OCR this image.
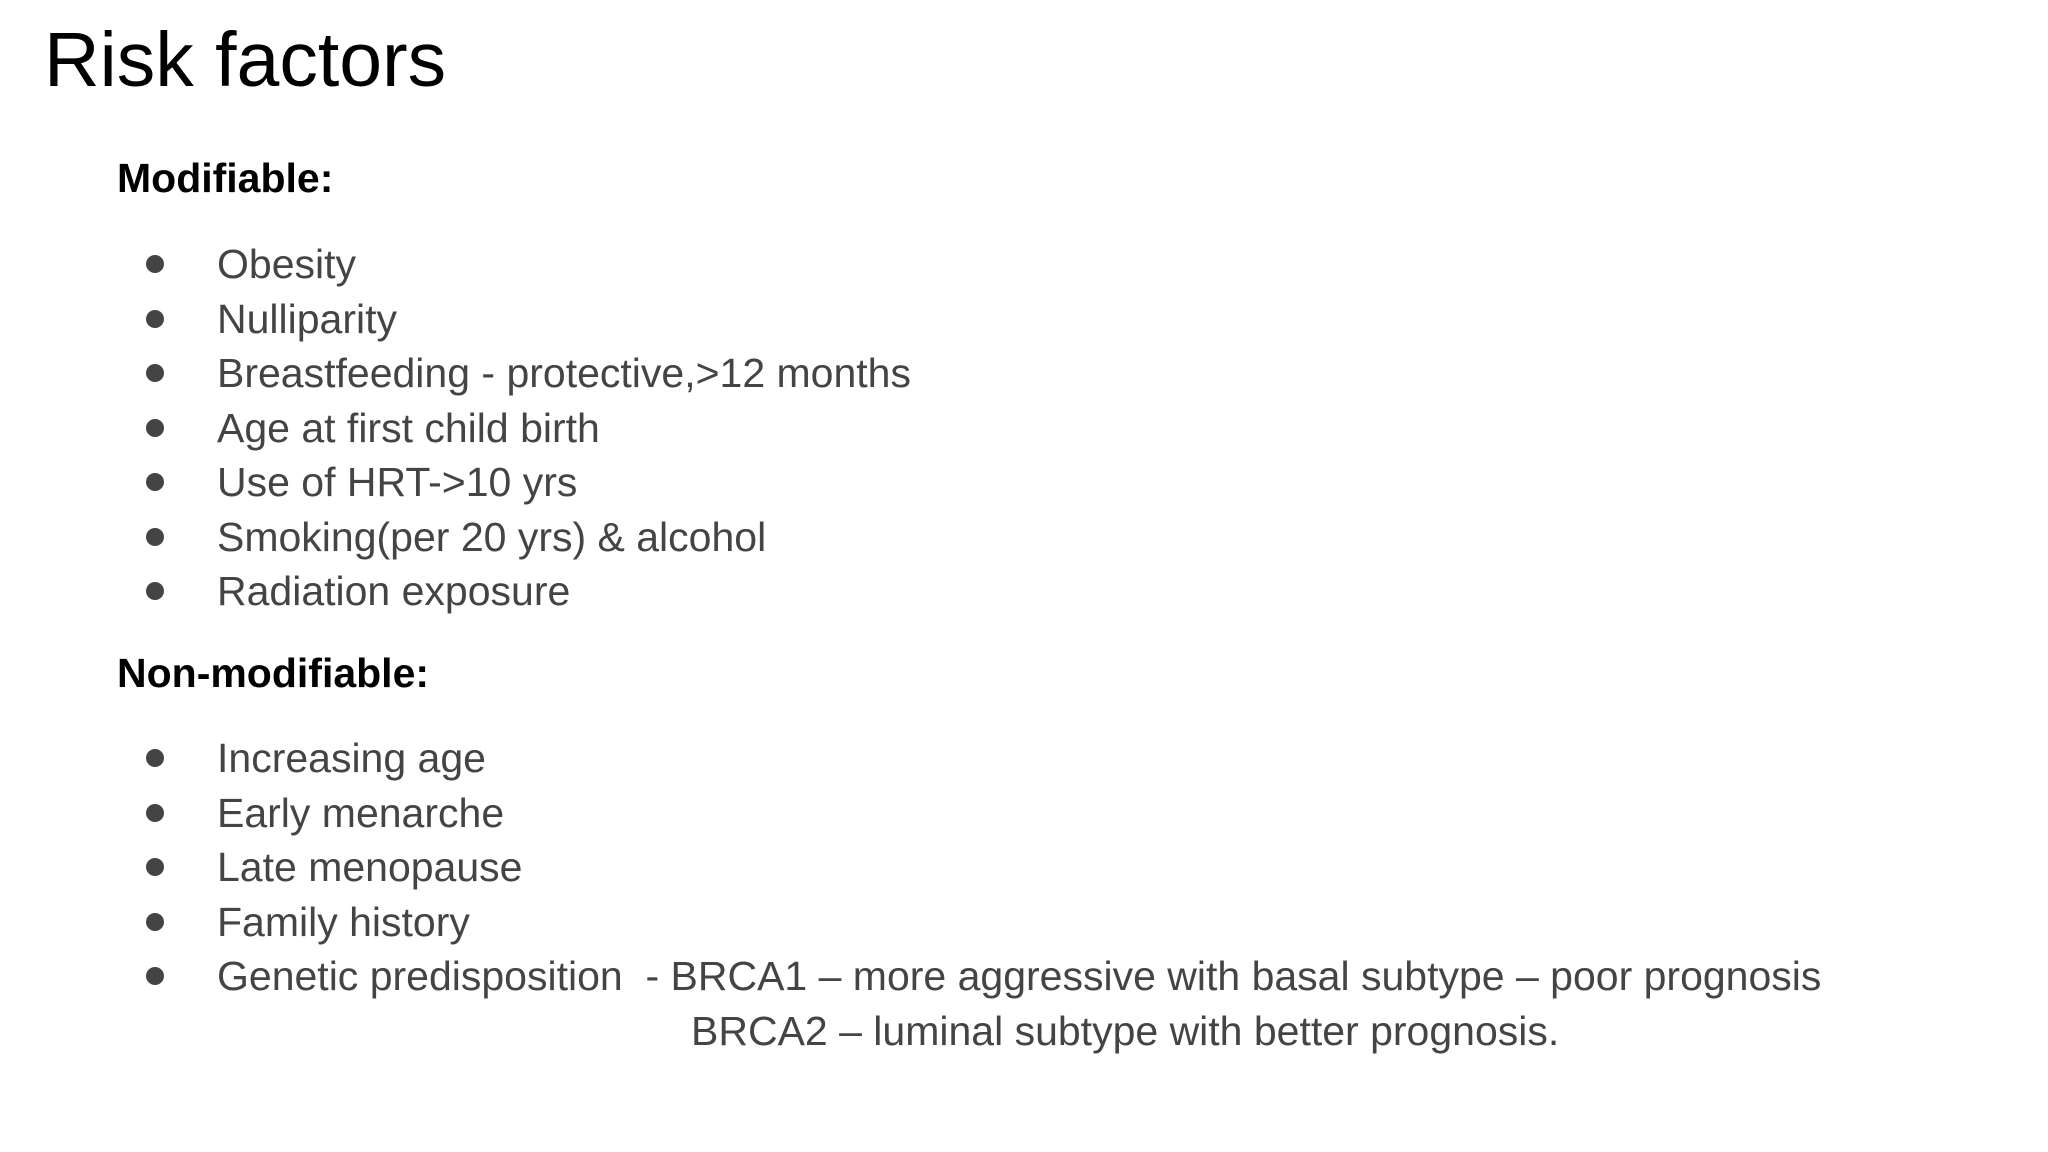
Risk factors
Modifiable:
Obesity
Nulliparity
Breastfeeding - protective,>12 months
Age at first child birth
Use of HRT->10 yrs
Smoking(per 20 yrs) & alcohol
Radiation exposure
Non-modifiable:
Increasing age
Early menarche
Late menopause
Family history
Genetic predisposition  - BRCA1 – more aggressive with basal subtype – poor prognosis
BRCA2 – luminal subtype with better prognosis.
